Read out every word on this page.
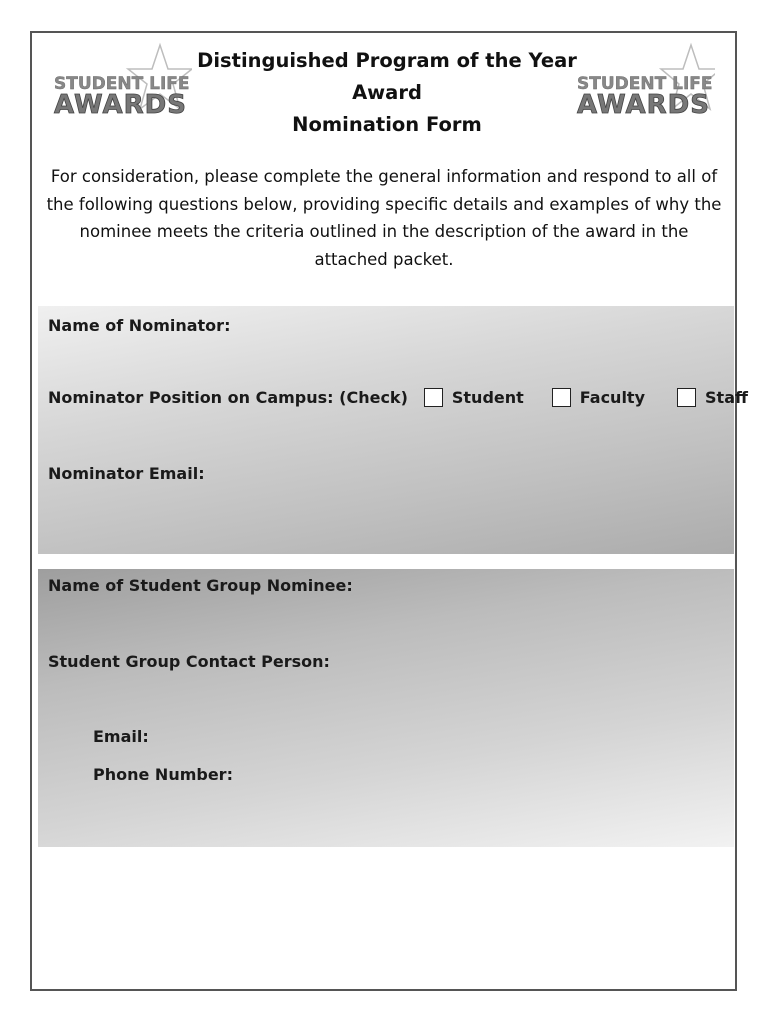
STUDENT LIFE
AWARDS
STUDENT LIFE
AWARDS
Distinguished Program of the Year
Award
Nomination Form
For consideration, please complete the general information and respond to all of the following questions below, providing specific details and examples of why the nominee meets the criteria outlined in the description of the award in the attached packet.
Name of Nominator:
Nominator Position on Campus: (Check)	Student	Faculty	Staff
Nominator Email:
Name of Student Group Nominee:
Student Group Contact Person:
Email:
Phone Number:
